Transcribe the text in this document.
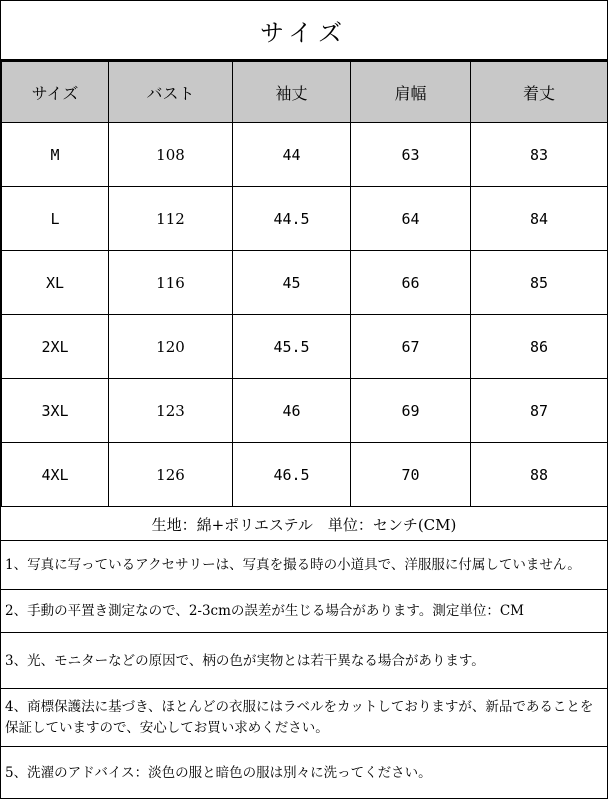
サイズ
サイズ	バスト	袖丈	肩幅	着丈
M	108	44	63	83
L	112	44.5	64	84
XL	116	45	66	85
2XL	120	45.5	67	86
3XL	123	46	69	87
4XL	126	46.5	70	88
生地：綿+ポリエステル　単位：センチ(CM)
1、写真に写っているアクセサリーは、写真を撮る時の小道具で、洋服服に付属していません。
2、手動の平置き測定なので、2-3cmの誤差が生じる場合があります。測定単位：CM
3、光、モニターなどの原因で、柄の色が実物とは若干異なる場合があります。
4、商標保護法に基づき、ほとんどの衣服にはラベルをカットしておりますが、新品であることを保証していますので、安心してお買い求めください。
5、洗濯のアドバイス：淡色の服と暗色の服は別々に洗ってください。
